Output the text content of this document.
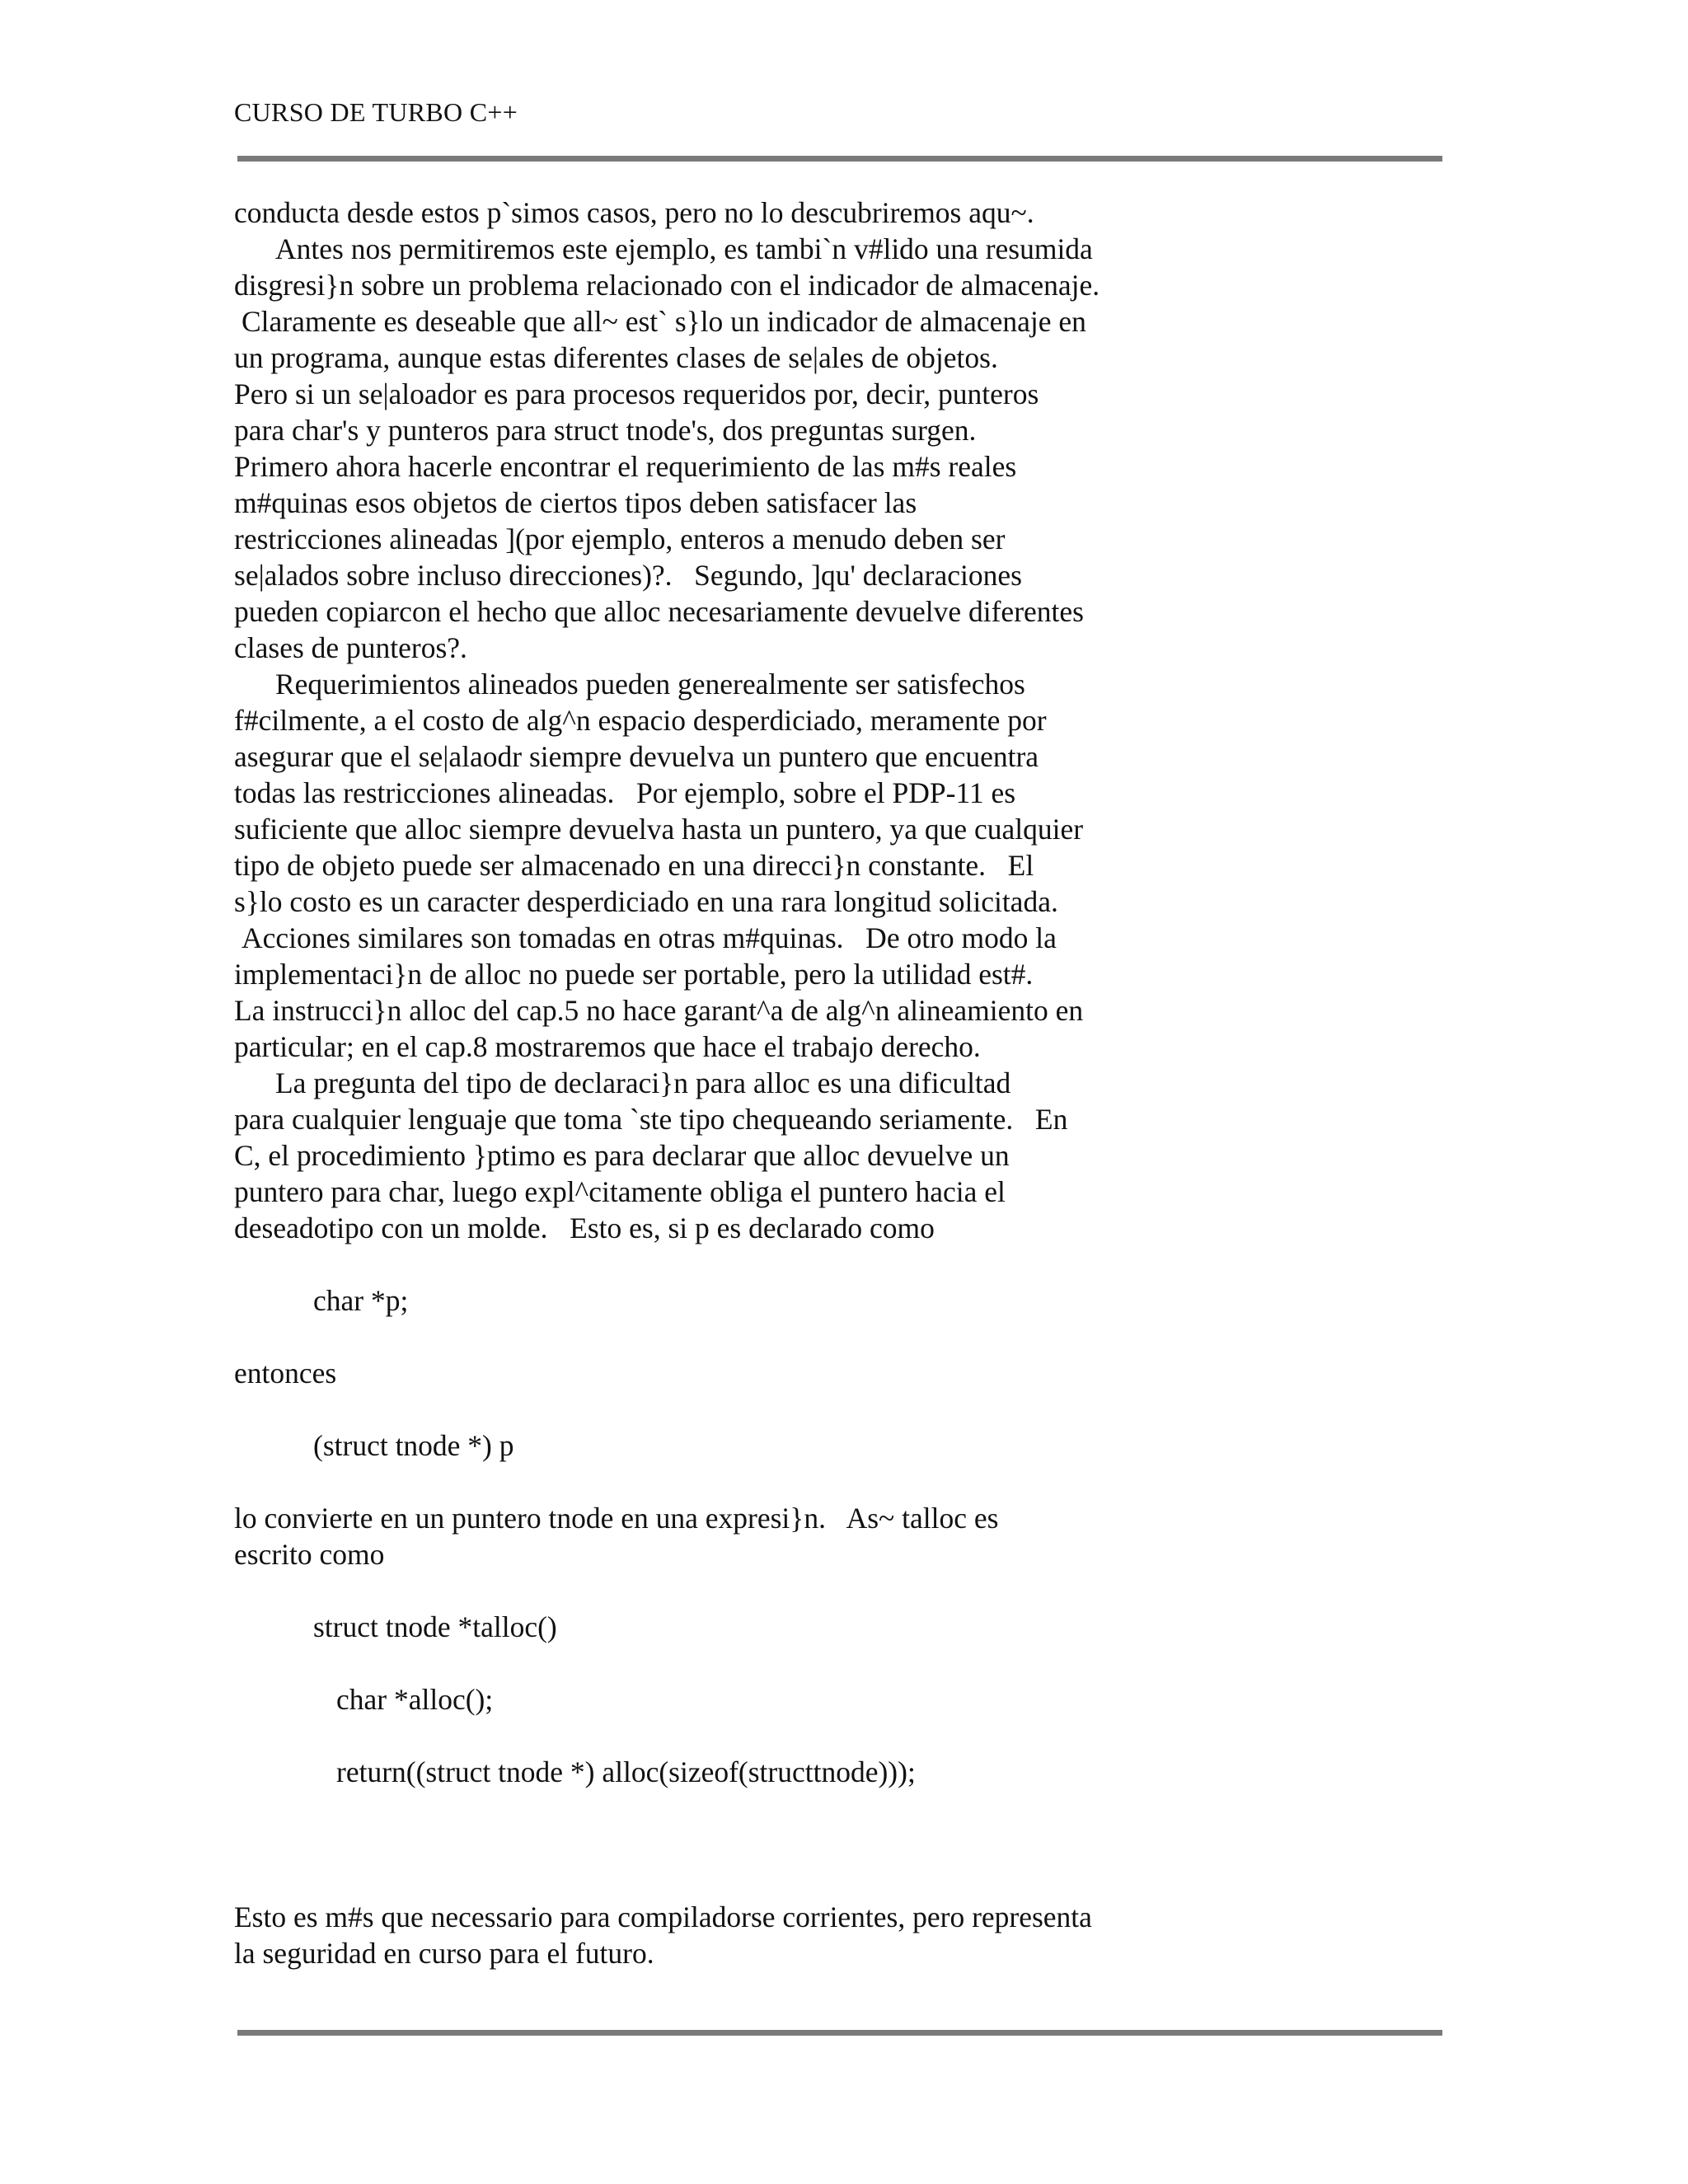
CURSO DE TURBO C++
conducta desde estos p`simos casos, pero no lo descubriremos aqu~.
Antes nos permitiremos este ejemplo, es tambi`n v#lido una resumida
disgresi}n sobre un problema relacionado con el indicador de almacenaje.
Claramente es deseable que all~ est` s}lo un indicador de almacenaje en
un programa, aunque estas diferentes clases de se|ales de objetos.
Pero si un se|aloador es para procesos requeridos por, decir, punteros
para char's y punteros para struct tnode's, dos preguntas surgen.
Primero ahora hacerle encontrar el requerimiento de las m#s reales
m#quinas esos objetos de ciertos tipos deben satisfacer las
restricciones alineadas ](por ejemplo, enteros a menudo deben ser
se|alados sobre incluso direcciones)?.   Segundo, ]qu' declaraciones
pueden copiarcon el hecho que alloc necesariamente devuelve diferentes
clases de punteros?.
Requerimientos alineados pueden generealmente ser satisfechos
f#cilmente, a el costo de alg^n espacio desperdiciado, meramente por
asegurar que el se|alaodr siempre devuelva un puntero que encuentra
todas las restricciones alineadas.   Por ejemplo, sobre el PDP-11 es
suficiente que alloc siempre devuelva hasta un puntero, ya que cualquier
tipo de objeto puede ser almacenado en una direcci}n constante.   El
s}lo costo es un caracter desperdiciado en una rara longitud solicitada.
Acciones similares son tomadas en otras m#quinas.   De otro modo la
implementaci}n de alloc no puede ser portable, pero la utilidad est#.
La instrucci}n alloc del cap.5 no hace garant^a de alg^n alineamiento en
particular; en el cap.8 mostraremos que hace el trabajo derecho.
La pregunta del tipo de declaraci}n para alloc es una dificultad
para cualquier lenguaje que toma `ste tipo chequeando seriamente.   En
C, el procedimiento }ptimo es para declarar que alloc devuelve un
puntero para char, luego expl^citamente obliga el puntero hacia el
deseadotipo con un molde.   Esto es, si p es declarado como
char *p;
entonces
(struct tnode *) p
lo convierte en un puntero tnode en una expresi}n.   As~ talloc es
escrito como
struct tnode *talloc()
char *alloc();
return((struct tnode *) alloc(sizeof(structtnode)));
Esto es m#s que necessario para compiladorse corrientes, pero representa
la seguridad en curso para el futuro.
